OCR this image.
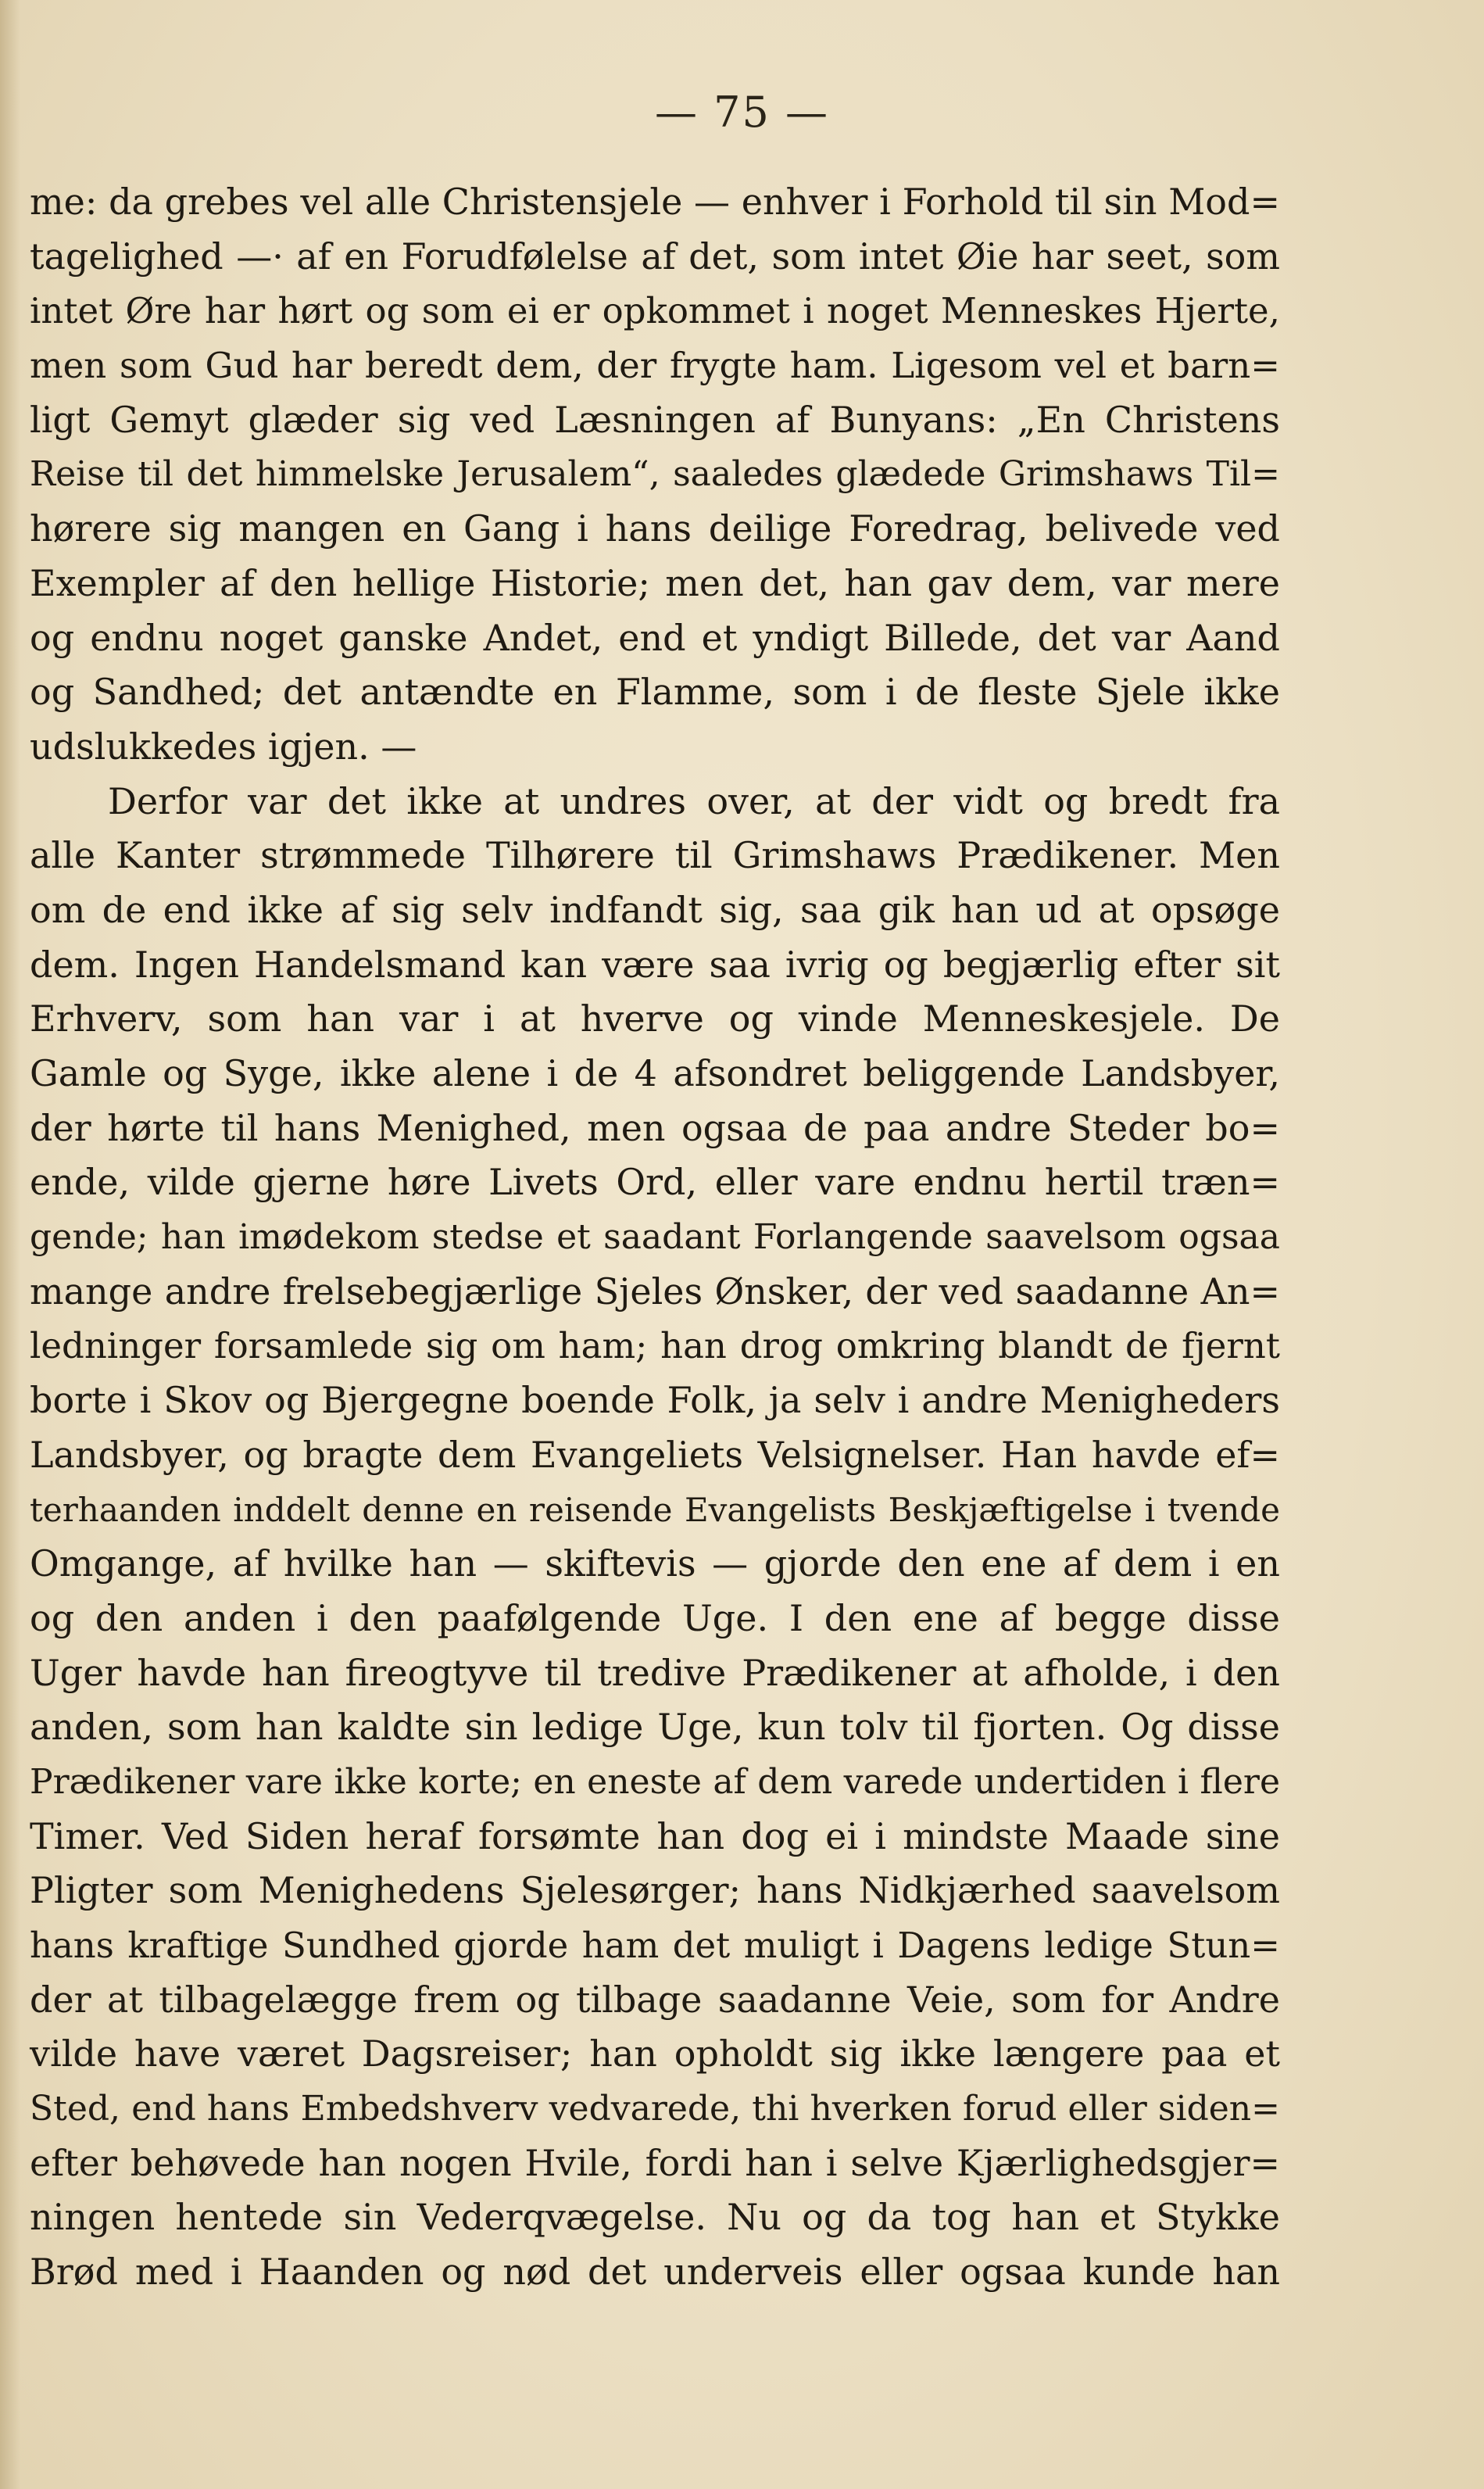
— 75 —
me: da grebes vel alle Christensjele — enhver i Forhold til sin Mod=
tagelighed —· af en Forudfølelse af det, som intet Øie har seet, som
intet Øre har hørt og som ei er opkommet i noget Menneskes Hjerte,
men som Gud har beredt dem, der frygte ham. Ligesom vel et barn=
ligt Gemyt glæder sig ved Læsningen af Bunyans: „En Christens
Reise til det himmelske Jerusalem“, saaledes glædede Grimshaws Til=
hørere sig mangen en Gang i hans deilige Foredrag, belivede ved
Exempler af den hellige Historie; men det, han gav dem, var mere
og endnu noget ganske Andet, end et yndigt Billede, det var Aand
og Sandhed; det antændte en Flamme, som i de fleste Sjele ikke
udslukkedes igjen. —
Derfor var det ikke at undres over, at der vidt og bredt fra
alle Kanter strømmede Tilhørere til Grimshaws Prædikener. Men
om de end ikke af sig selv indfandt sig, saa gik han ud at opsøge
dem. Ingen Handelsmand kan være saa ivrig og begjærlig efter sit
Erhverv, som han var i at hverve og vinde Menneskesjele. De
Gamle og Syge, ikke alene i de 4 afsondret beliggende Landsbyer,
der hørte til hans Menighed, men ogsaa de paa andre Steder bo=
ende, vilde gjerne høre Livets Ord, eller vare endnu hertil træn=
gende; han imødekom stedse et saadant Forlangende saavelsom ogsaa
mange andre frelsebegjærlige Sjeles Ønsker, der ved saadanne An=
ledninger forsamlede sig om ham; han drog omkring blandt de fjernt
borte i Skov og Bjergegne boende Folk, ja selv i andre Menigheders
Landsbyer, og bragte dem Evangeliets Velsignelser. Han havde ef=
terhaanden inddelt denne en reisende Evangelists Beskjæftigelse i tvende
Omgange, af hvilke han — skiftevis — gjorde den ene af dem i en
og den anden i den paafølgende Uge. I den ene af begge disse
Uger havde han fireogtyve til tredive Prædikener at afholde, i den
anden, som han kaldte sin ledige Uge, kun tolv til fjorten. Og disse
Prædikener vare ikke korte; en eneste af dem varede undertiden i flere
Timer. Ved Siden heraf forsømte han dog ei i mindste Maade sine
Pligter som Menighedens Sjelesørger; hans Nidkjærhed saavelsom
hans kraftige Sundhed gjorde ham det muligt i Dagens ledige Stun=
der at tilbagelægge frem og tilbage saadanne Veie, som for Andre
vilde have været Dagsreiser; han opholdt sig ikke længere paa et
Sted, end hans Embedshverv vedvarede, thi hverken forud eller siden=
efter behøvede han nogen Hvile, fordi han i selve Kjærlighedsgjer=
ningen hentede sin Vederqvægelse. Nu og da tog han et Stykke
Brød med i Haanden og nød det underveis eller ogsaa kunde han
